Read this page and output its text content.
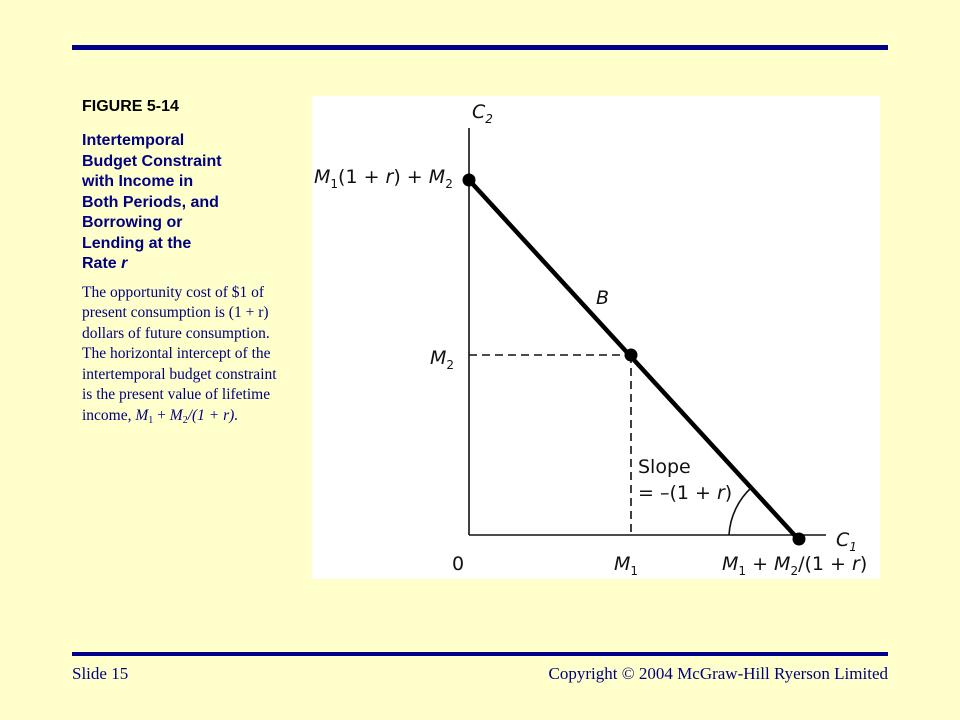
FIGURE 5-14

Intertemporal
Budget Constraint
with Income in
Both Periods, and
Borrowing or
Lending at the
Rate r

The opportunity cost of $1 of present consumption is (1 + r) dollars of future consumption. The horizontal intercept of the intertemporal budget constraint is the present value of lifetime income, $M_1 + M_2/(1 + r)$.

$C_2$
$C_1$
0
$M_1(1 + r) + M_2$
$M_2$
$M_1$	$M_1 + M_2/(1 + r)$
B
Slope
= –(1 + r)
Slide 15	Copyright © 2004 McGraw-Hill Ryerson Limited
